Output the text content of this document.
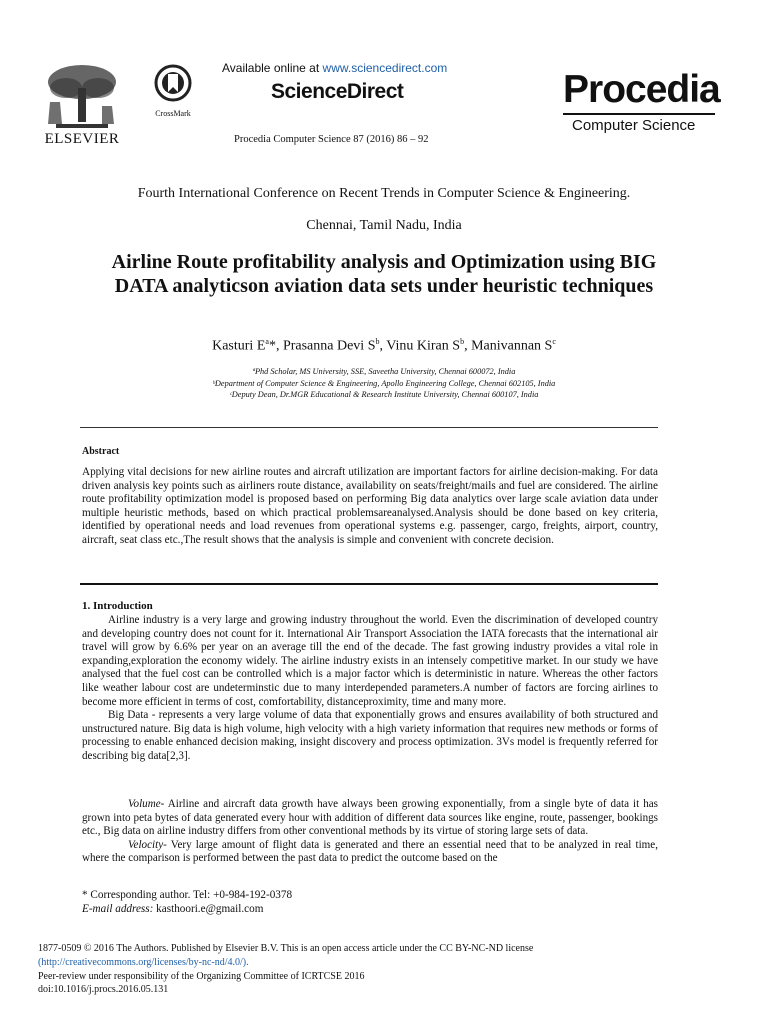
ELSEVIER
CrossMark
Available online at www.sciencedirect.com
ScienceDirect
Procedia Computer Science 87 (2016) 86 – 92
Procedia
Computer Science
Fourth International Conference on Recent Trends in Computer Science & Engineering.
Chennai, Tamil Nadu, India
Airline Route profitability analysis and Optimization using BIG DATA analyticson aviation data sets under heuristic techniques
Kasturi $E^a*$, Prasanna Devi $S^b$, Vinu Kiran $S^b$, Manivannan $S^c$
ªPhd Scholar, MS University, SSE, Saveetha University, Chennai 600072, India
ᵇDepartment of Computer Science & Engineering, Apollo Engineering College, Chennai 602105, India
ᶜDeputy Dean, Dr.MGR Educational & Research Institute University, Chennai 600107, India
Abstract
Applying vital decisions for new airline routes and aircraft utilization are important factors for airline decision-making. For data driven analysis key points such as airliners route distance, availability on seats/freight/mails and fuel are considered. The airline route profitability optimization model is proposed based on performing Big data analytics over large scale aviation data under multiple heuristic methods, based on which practical problemsareanalysed.Analysis should be done based on key criteria, identified by operational needs and load revenues from operational systems e.g. passenger, cargo, freights, airport, country, aircraft, seat class etc.,The result shows that the analysis is simple and convenient with concrete decision.
1. Introduction

Airline industry is a very large and growing industry throughout the world. Even the discrimination of developed country and developing country does not count for it. International Air Transport Association the IATA forecasts that the international air travel will grow by 6.6% per year on an average till the end of the decade. The fast growing industry provides a vital role in expanding,exploration the economy widely. The airline industry exists in an intensely competitive market. In our study we have analysed that the fuel cost can be controlled which is a major factor which is deterministic in nature. Whereas the other factors like weather labour cost are undeterminstic due to many interdepended parameters.A number of factors are forcing airlines to become more efficient in terms of cost, comfortability, distanceproximity, time and many more.

Big Data - represents a very large volume of data that exponentially grows and ensures availability of both structured and unstructured nature. Big data is high volume, high velocity with a high variety information that requires new methods or forms of processing to enable enhanced decision making, insight discovery and process optimization. 3Vs model is frequently referred for describing big data[2,3].

Volume- Airline and aircraft data growth have always been growing exponentially, from a single byte of data it has grown into peta bytes of data generated every hour with addition of different data sources like engine, route, passenger, bookings etc., Big data on airline industry differs from other conventional methods by its virtue of storing large sets of data.

Velocity- Very large amount of flight data is generated and there an essential need that to be analyzed in real time, where the comparison is performed between the past data to predict the outcome based on the

* Corresponding author. Tel: +0-984-192-0378
E-mail address: kasthoori.e@gmail.com
1877-0509 © 2016 The Authors. Published by Elsevier B.V. This is an open access article under the CC BY-NC-ND license
(http://creativecommons.org/licenses/by-nc-nd/4.0/).
Peer-review under responsibility of the Organizing Committee of ICRTCSE 2016
doi:10.1016/j.procs.2016.05.131
